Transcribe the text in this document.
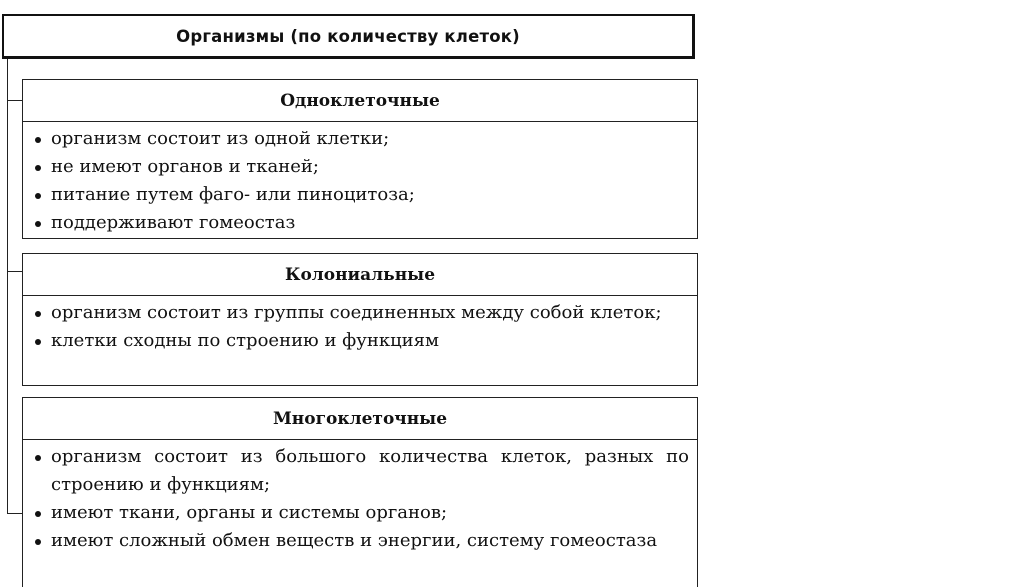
Организмы (по количеству клеток)
Одноклеточные
организм состоит из одной клетки;
не имеют органов и тканей;
питание путем фаго- или пиноцитоза;
поддерживают гомеостаз
Колониальные
организм состоит из группы соединенных между собой клеток;
клетки сходны по строению и функциям
Многоклеточные
организм состоит из большого количества клеток, разных по строению и функциям;
имеют ткани, органы и системы органов;
имеют сложный обмен веществ и энергии, систему гомеостаза
